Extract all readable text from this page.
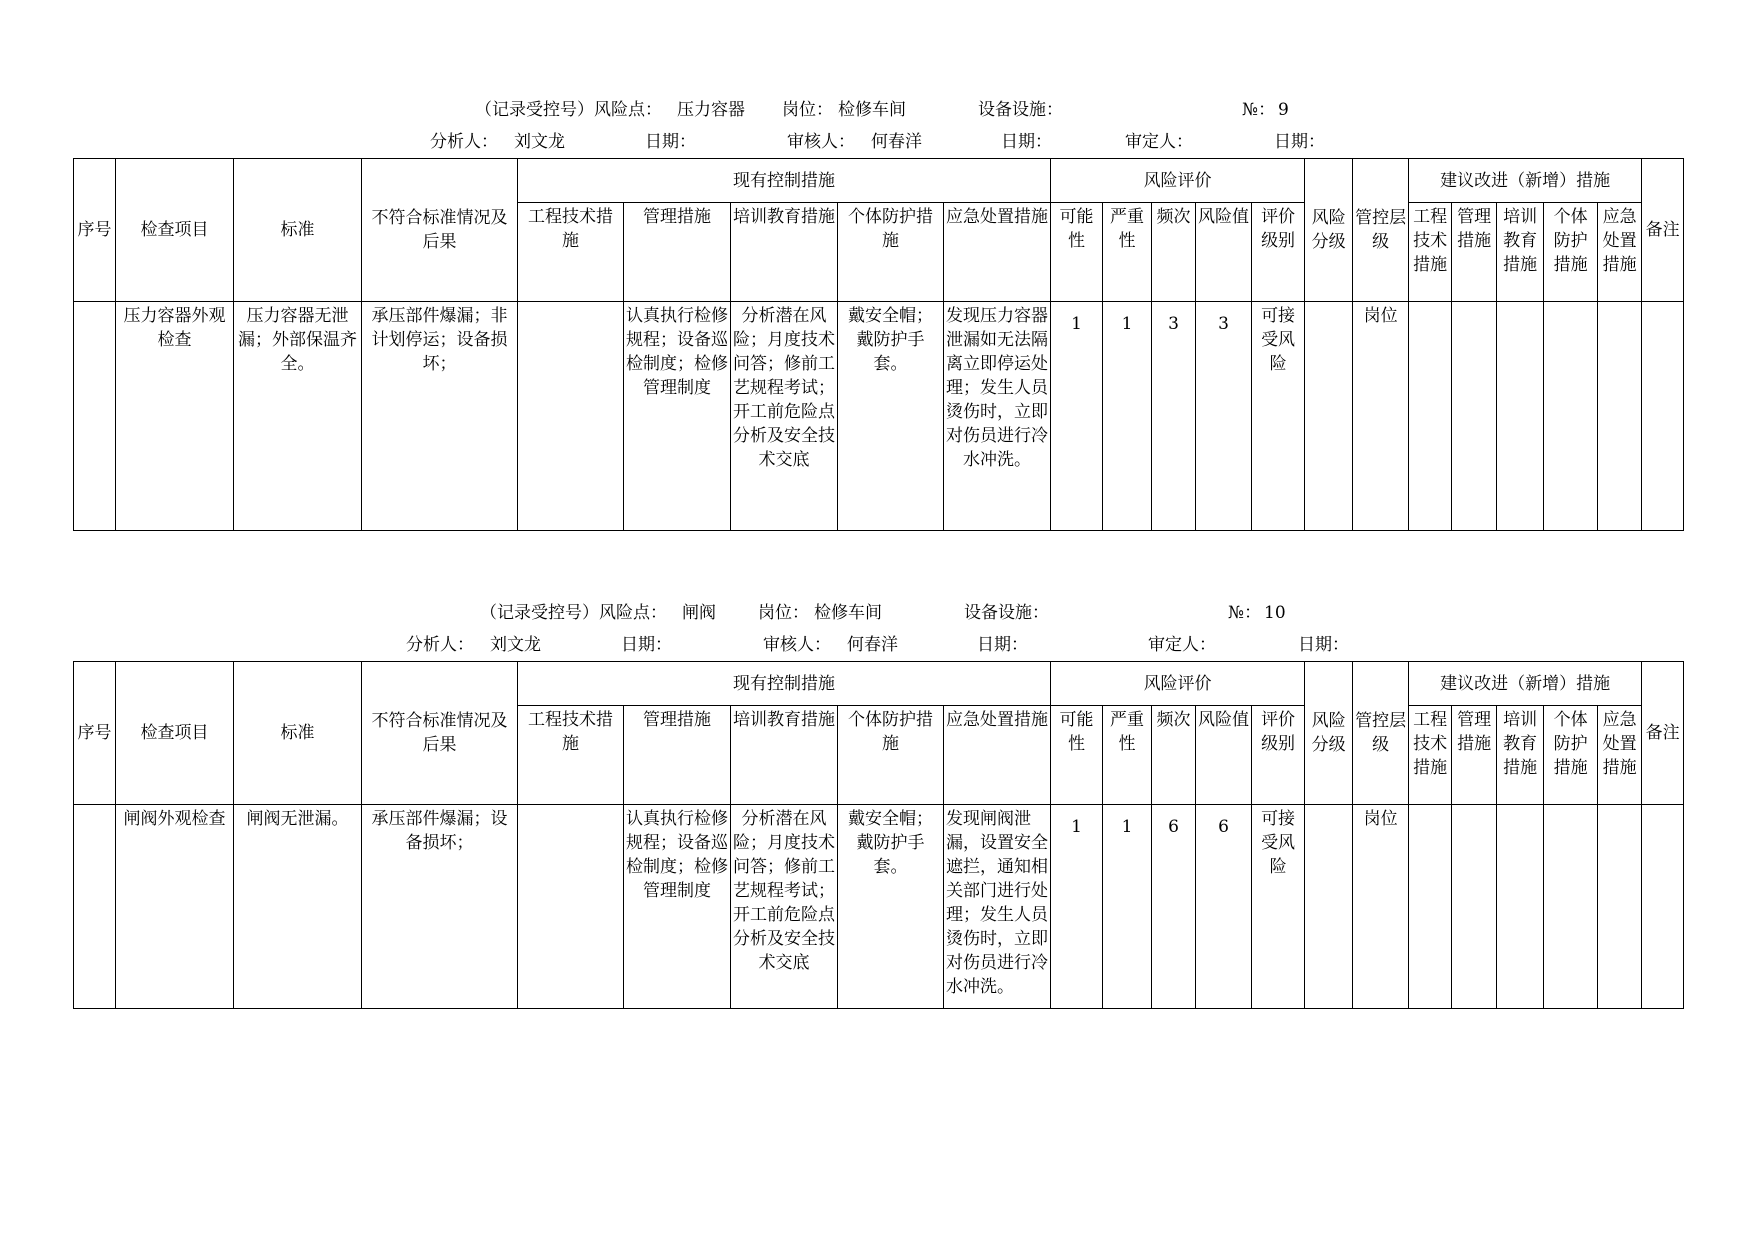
（记录受控号）风险点： 压力容器 岗位： 检修车间	设备设施：	№： 9
分析人： 刘文龙	日期：	审核人： 何春洋	日期：	审定人：	日期：
序号	检查项目	标准	不符合标准情况及后果	现有控制措施					风险评价					风险分级	管控层级	建议改进（新增）措施					备注
				工程技术措施	管理措施	培训教育措施	个体防护措施	应急处置措施	可能性	严重性	频次	风险值	评价级别			工程技术措施	管理措施	培训教育措施	个体防护措施	应急处置措施	
	压力容器外观检查	压力容器无泄漏；外部保温齐全。	承压部件爆漏；非计划停运；设备损坏；		认真执行检修规程；设备巡检制度；检修管理制度	分析潜在风险；月度技术问答；修前工艺规程考试；开工前危险点分析及安全技术交底	戴安全帽；戴防护手套。	发现压力容器泄漏如无法隔离立即停运处理；发生人员烫伤时，立即对伤员进行冷水冲洗。	1	1	3	3	可接受风险		岗位						
（记录受控号）风险点： 闸阀 岗位： 检修车间	设备设施：	№： 10
分析人： 刘文龙	日期：	审核人： 何春洋	日期：	审定人：	日期：
序号	检查项目	标准	不符合标准情况及后果	现有控制措施					风险评价					风险分级	管控层级	建议改进（新增）措施					备注
				工程技术措施	管理措施	培训教育措施	个体防护措施	应急处置措施	可能性	严重性	频次	风险值	评价级别			工程技术措施	管理措施	培训教育措施	个体防护措施	应急处置措施	
	闸阀外观检查	闸阀无泄漏。	承压部件爆漏；设备损坏；		认真执行检修规程；设备巡检制度；检修管理制度	分析潜在风险；月度技术问答；修前工艺规程考试；开工前危险点分析及安全技术交底	戴安全帽；戴防护手套。	发现闸阀泄漏，设置安全遮拦，通知相关部门进行处理；发生人员烫伤时，立即对伤员进行冷水冲洗。	1	1	6	6	可接受风险		岗位						
